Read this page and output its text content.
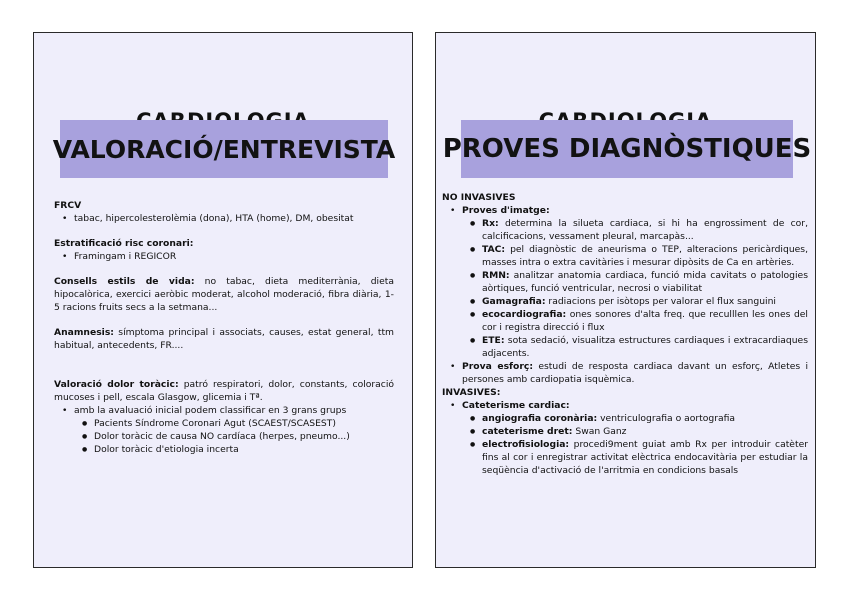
VALORACIÓ/ENTREVISTA
FRCV
• tabac, hipercolesterolèmia (dona), HTA (home), DM, obesitat
Estratificació risc coronari:
• Framingam i REGICOR
Consells estils de vida: no tabac, dieta mediterrània, dieta hipocalòrica, exercici aeròbic moderat, alcohol moderació, fibra diària, 1-5 racions fruits secs a la setmana...
Anamnesis: símptoma principal i associats, causes, estat general, ttm habitual, antecedents, FR....
Valoració dolor toràcic: patró respiratori, dolor, constants, coloració mucoses i pell, escala Glasgow, glicemia i Tª.
• amb la avaluació inicial podem classificar en 3 grans grups
● Pacients Síndrome Coronari Agut (SCAEST/SCASEST)
● Dolor toràcic de causa NO cardíaca (herpes, pneumo...)
● Dolor toràcic d'etiologia incerta
PROVES DIAGNÒSTIQUES
NO INVASIVES
• Proves d'imatge:
● Rx: determina la silueta cardiaca, si hi ha engrossiment de cor, calcificacions, vessament pleural, marcapàs...
● TAC: pel diagnòstic de aneurisma o TEP, alteracions pericàrdiques, masses intra o extra cavitàries i mesurar dipòsits de Ca en artèries.
● RMN: analitzar anatomia cardiaca, funció mida cavitats o patologies aòrtiques, funció ventricular, necrosi o viabilitat
● Gamagrafia: radiacions per isòtops per valorar el flux sanguini
● ecocardiografia: ones sonores d'alta freq. que reculllen les ones del cor i registra direcció i flux
● ETE: sota sedació, visualitza estructures cardiaques i extracardiaques adjacents.
• Prova esforç: estudi de resposta cardiaca davant un esforç, Atletes i persones amb cardiopatia isquèmica.
INVASIVES:
• Cateterisme cardiac:
● angiografia coronària: ventriculografia o aortografia
● cateterisme dret: Swan Ganz
● electrofisiologia: procedi9ment guiat amb Rx per introduir catèter fins al cor i enregistrar activitat elèctrica endocavitària per estudiar la seqüència d'activació de l'arritmia en condicions basals
